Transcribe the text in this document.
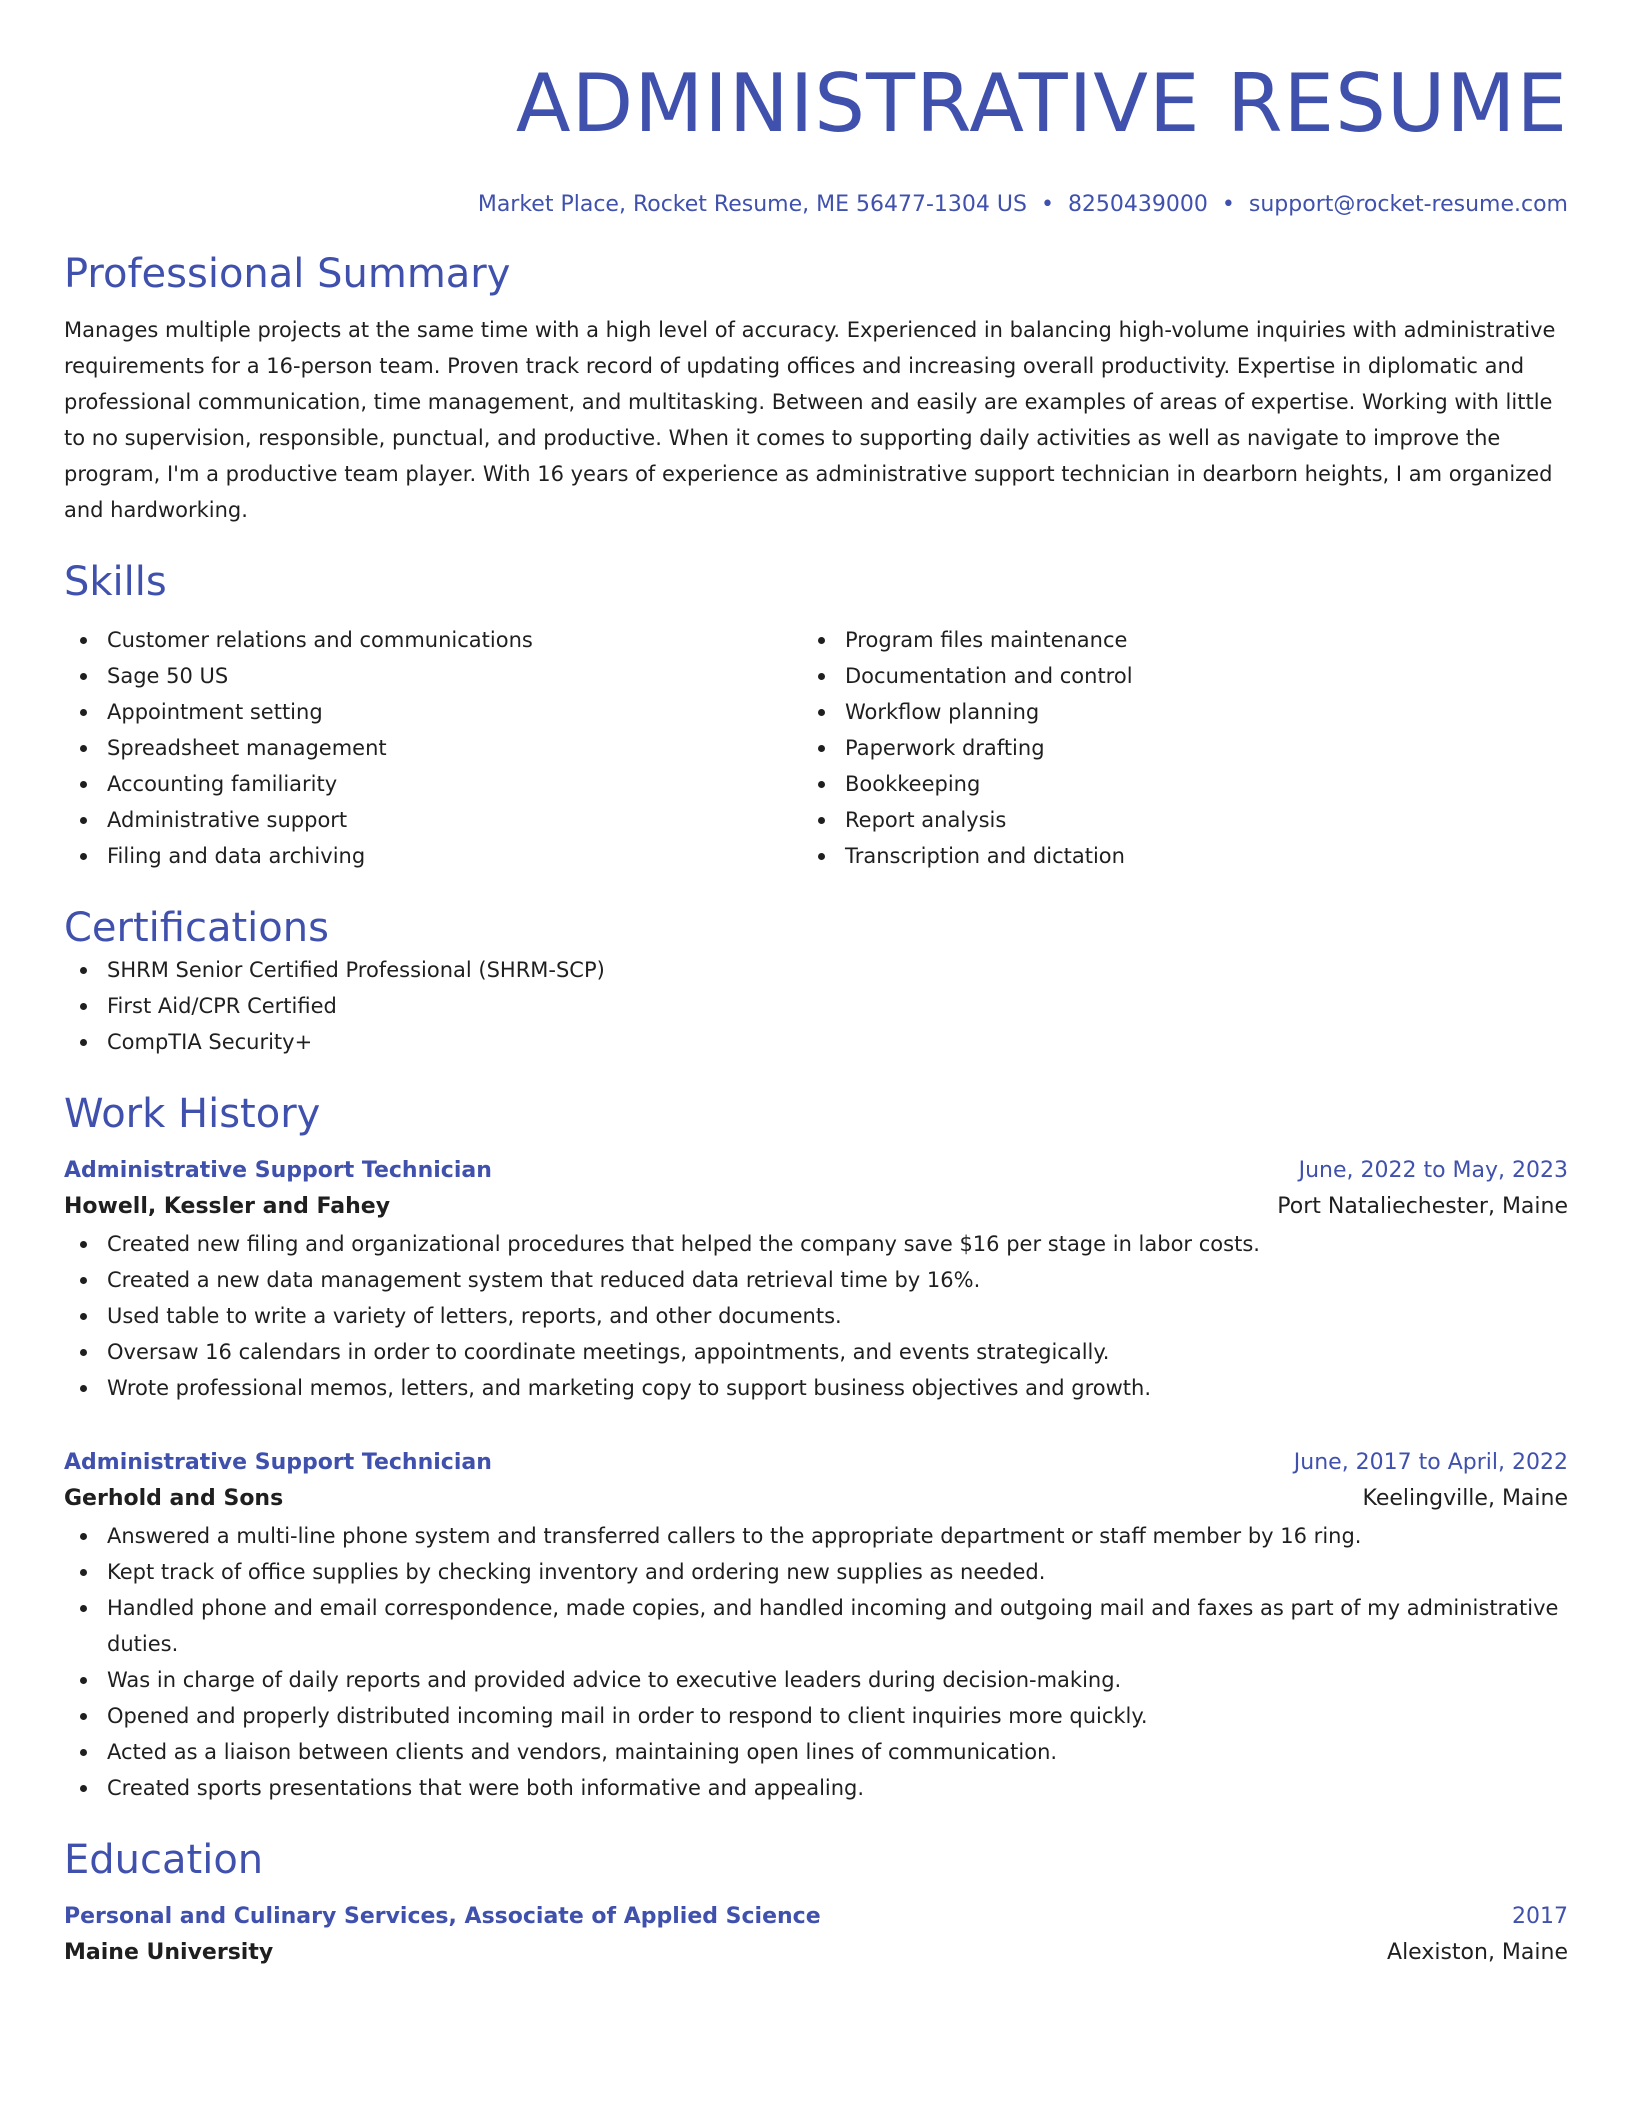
ADMINISTRATIVE RESUME
Market Place, Rocket Resume, ME 56477-1304 US • 8250439000 • support@rocket-resume.com
Professional Summary

Manages multiple projects at the same time with a high level of accuracy. Experienced in balancing high-volume inquiries with administrative requirements for a 16-person team. Proven track record of updating offices and increasing overall productivity. Expertise in diplomatic and professional communication, time management, and multitasking. Between and easily are examples of areas of expertise. Working with little to no supervision, responsible, punctual, and productive. When it comes to supporting daily activities as well as navigate to improve the program, I'm a productive team player. With 16 years of experience as administrative support technician in dearborn heights, I am organized and hardworking.

Skills
Customer relations and communications
Sage 50 US
Appointment setting
Spreadsheet management
Accounting familiarity
Administrative support
Filing and data archiving
Program files maintenance
Documentation and control
Workflow planning
Paperwork drafting
Bookkeeping
Report analysis
Transcription and dictation
Certifications
SHRM Senior Certified Professional (SHRM-SCP)
First Aid/CPR Certified
CompTIA Security+
Work History
Administrative Support Technician	June, 2022 to May, 2023
Howell, Kessler and Fahey	Port Nataliechester, Maine
Created new filing and organizational procedures that helped the company save $16 per stage in labor costs.
Created a new data management system that reduced data retrieval time by 16%.
Used table to write a variety of letters, reports, and other documents.
Oversaw 16 calendars in order to coordinate meetings, appointments, and events strategically.
Wrote professional memos, letters, and marketing copy to support business objectives and growth.
Administrative Support Technician	June, 2017 to April, 2022
Gerhold and Sons	Keelingville, Maine
Answered a multi-line phone system and transferred callers to the appropriate department or staff member by 16 ring.
Kept track of office supplies by checking inventory and ordering new supplies as needed.
Handled phone and email correspondence, made copies, and handled incoming and outgoing mail and faxes as part of my administrative duties.
Was in charge of daily reports and provided advice to executive leaders during decision-making.
Opened and properly distributed incoming mail in order to respond to client inquiries more quickly.
Acted as a liaison between clients and vendors, maintaining open lines of communication.
Created sports presentations that were both informative and appealing.
Education
Personal and Culinary Services, Associate of Applied Science	2017
Maine University	Alexiston, Maine
